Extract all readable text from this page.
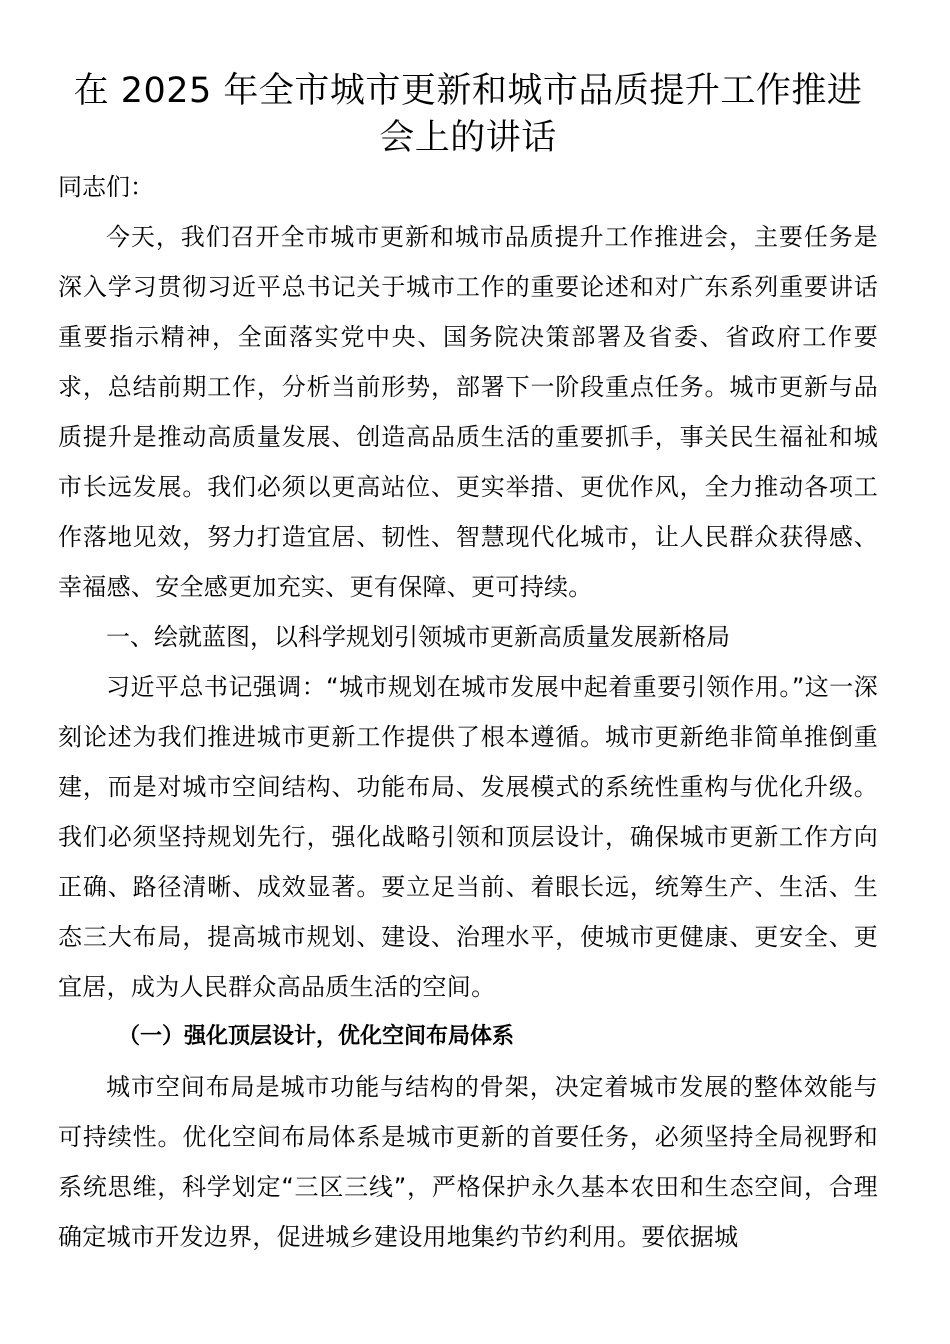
在 2025 年全市城市更新和城市品质提升工作推进会上的讲话

同志们：

今天，我们召开全市城市更新和城市品质提升工作推进会，主要任务是深入学习贯彻习近平总书记关于城市工作的重要论述和对广东系列重要讲话重要指示精神，全面落实党中央、国务院决策部署及省委、省政府工作要求，总结前期工作，分析当前形势，部署下一阶段重点任务。城市更新与品质提升是推动高质量发展、创造高品质生活的重要抓手，事关民生福祉和城市长远发展。我们必须以更高站位、更实举措、更优作风，全力推动各项工作落地见效，努力打造宜居、韧性、智慧现代化城市，让人民群众获得感、幸福感、安全感更加充实、更有保障、更可持续。

一、绘就蓝图，以科学规划引领城市更新高质量发展新格局

习近平总书记强调：“城市规划在城市发展中起着重要引领作用。”这一深刻论述为我们推进城市更新工作提供了根本遵循。城市更新绝非简单推倒重建，而是对城市空间结构、功能布局、发展模式的系统性重构与优化升级。我们必须坚持规划先行，强化战略引领和顶层设计，确保城市更新工作方向正确、路径清晰、成效显著。要立足当前、着眼长远，统筹生产、生活、生态三大布局，提高城市规划、建设、治理水平，使城市更健康、更安全、更宜居，成为人民群众高品质生活的空间。

（一）强化顶层设计，优化空间布局体系

城市空间布局是城市功能与结构的骨架，决定着城市发展的整体效能与可持续性。优化空间布局体系是城市更新的首要任务，必须坚持全局视野和系统思维，科学划定“三区三线”，严格保护永久基本农田和生态空间，合理确定城市开发边界，促进城乡建设用地集约节约利用。要依据城
